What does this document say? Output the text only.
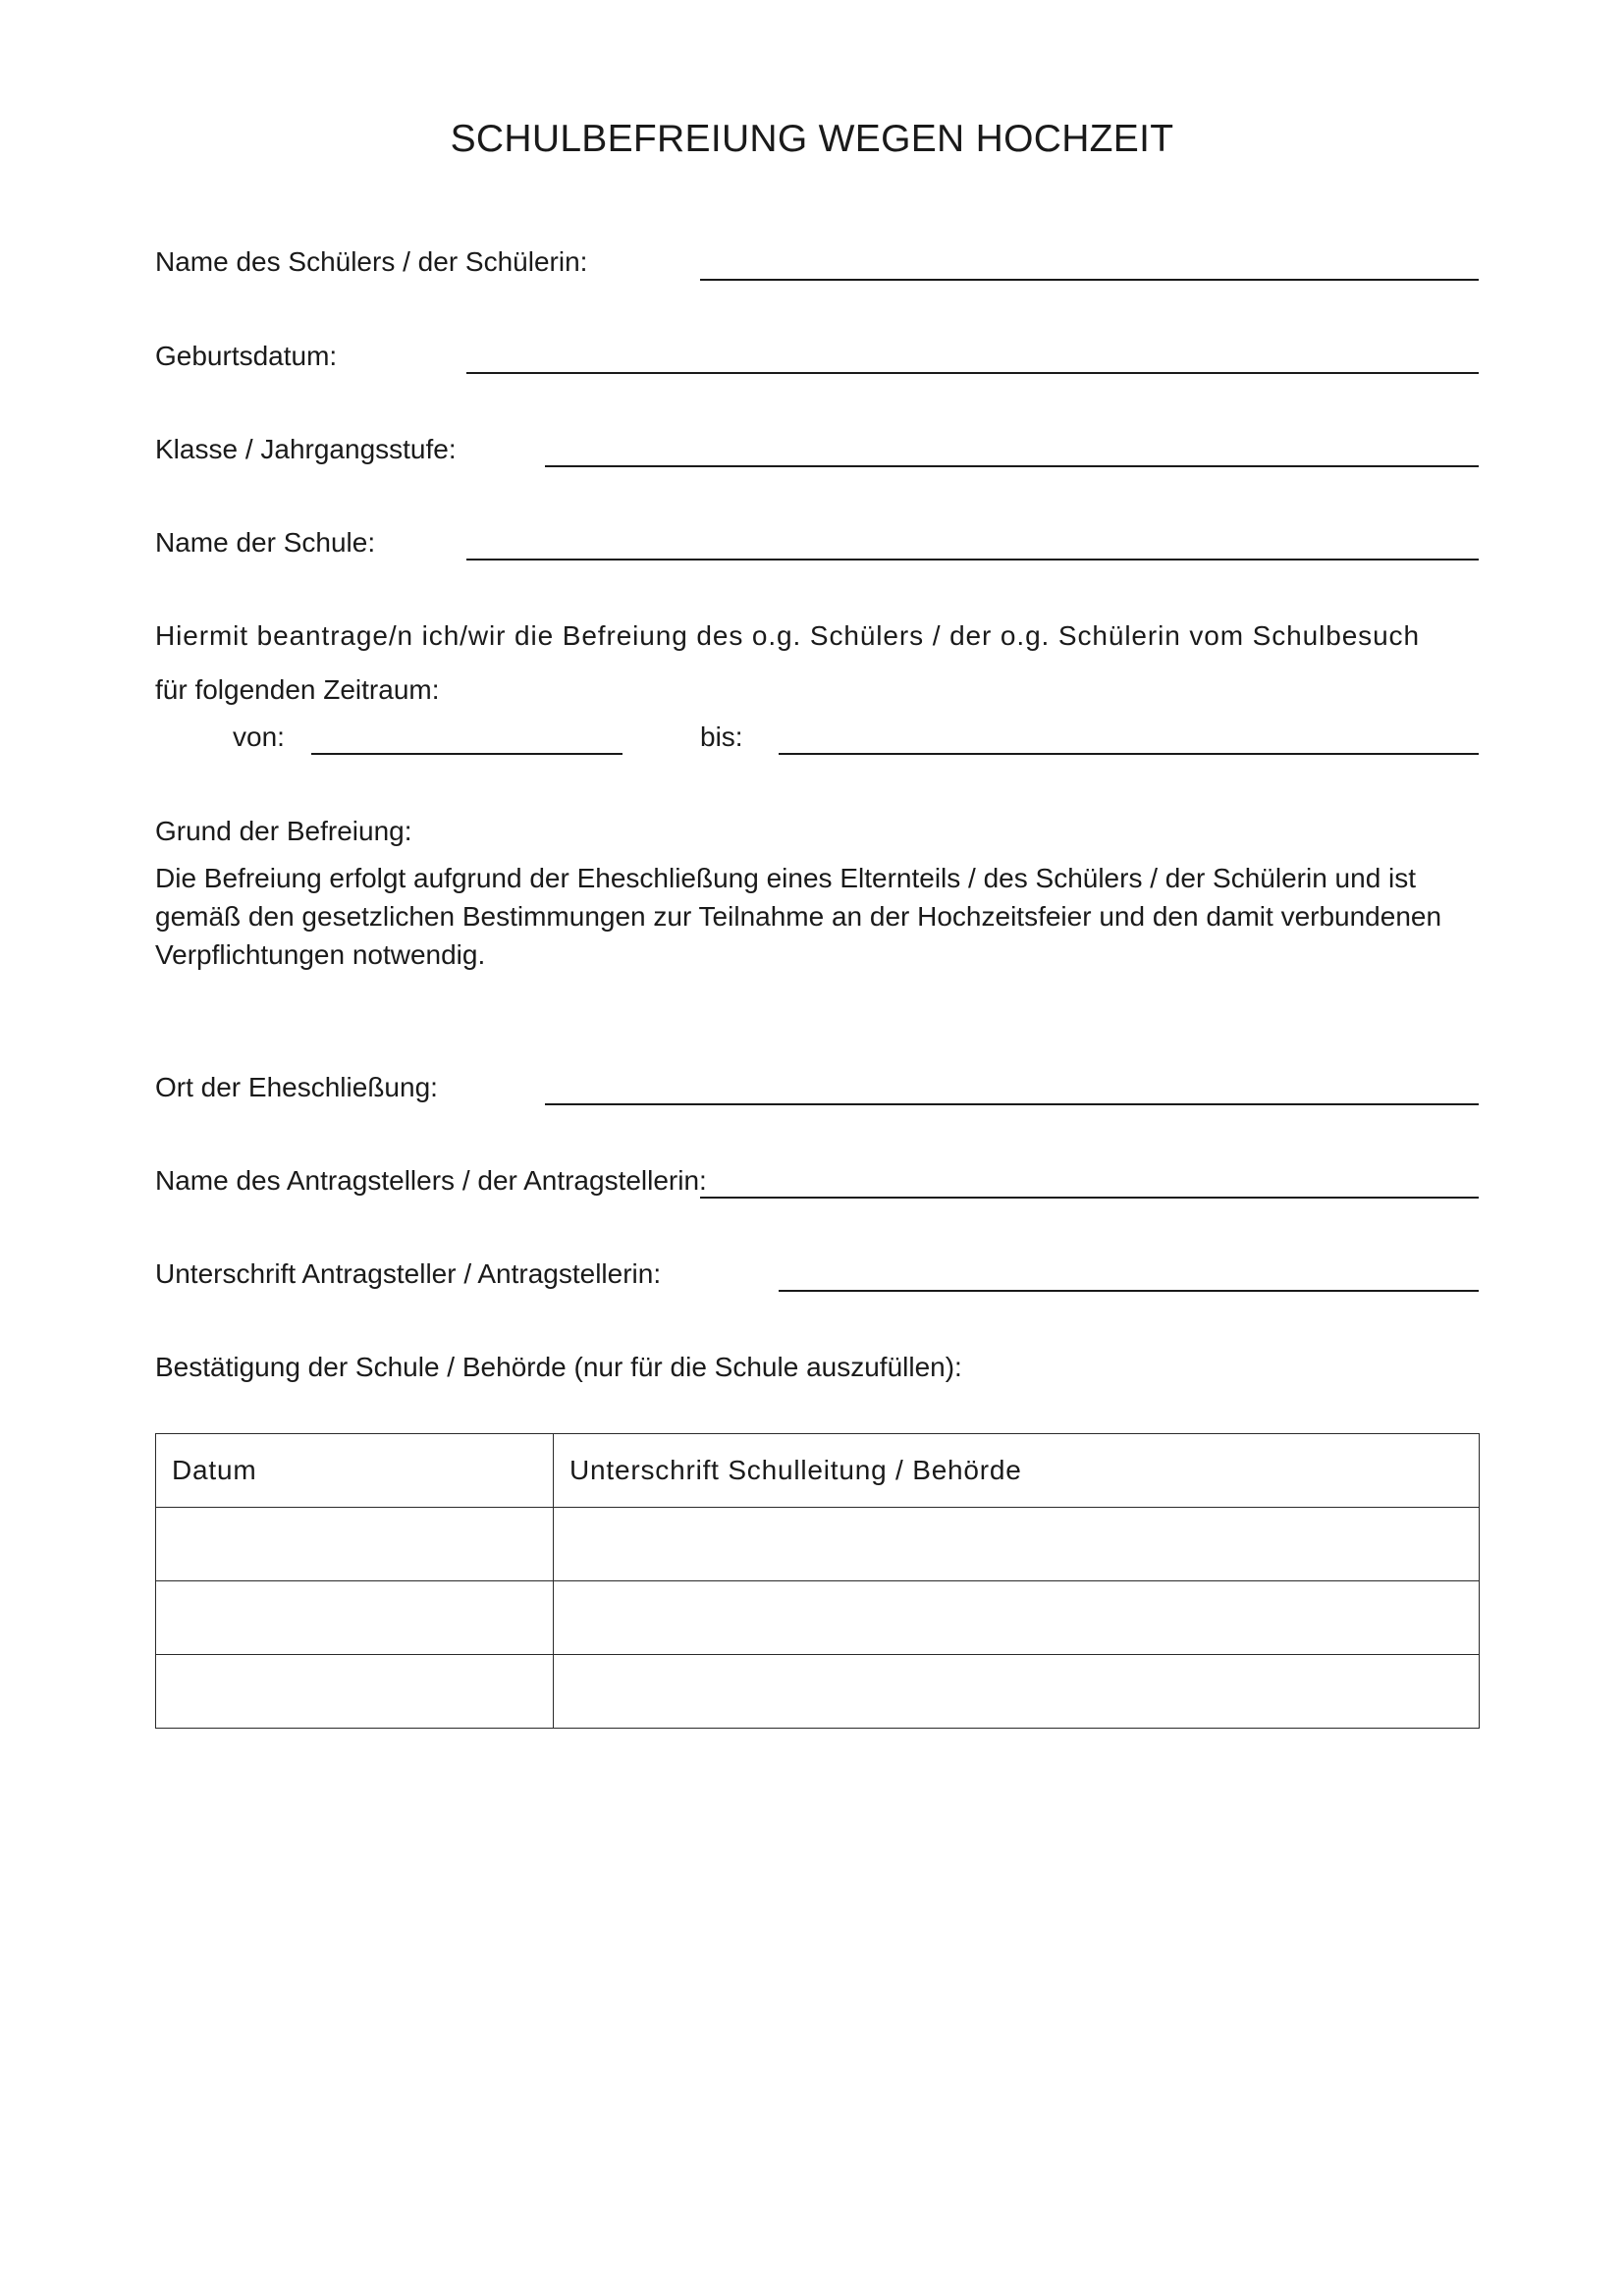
SCHULBEFREIUNG WEGEN HOCHZEIT
Name des Schülers / der Schülerin:
Geburtsdatum:
Klasse / Jahrgangsstufe:
Name der Schule:
Hiermit beantrage/n ich/wir die Befreiung des o.g. Schülers / der o.g. Schülerin vom Schulbesuch
für folgenden Zeitraum:
von:	bis:
Grund der Befreiung:
Die Befreiung erfolgt aufgrund der Eheschließung eines Elternteils / des Schülers / der Schülerin und ist
gemäß den gesetzlichen Bestimmungen zur Teilnahme an der Hochzeitsfeier und den damit verbundenen
Verpflichtungen notwendig.
Ort der Eheschließung:
Name des Antragstellers / der Antragstellerin:
Unterschrift Antragsteller / Antragstellerin:
Bestätigung der Schule / Behörde (nur für die Schule auszufüllen):
Datum	Unterschrift Schulleitung / Behörde
